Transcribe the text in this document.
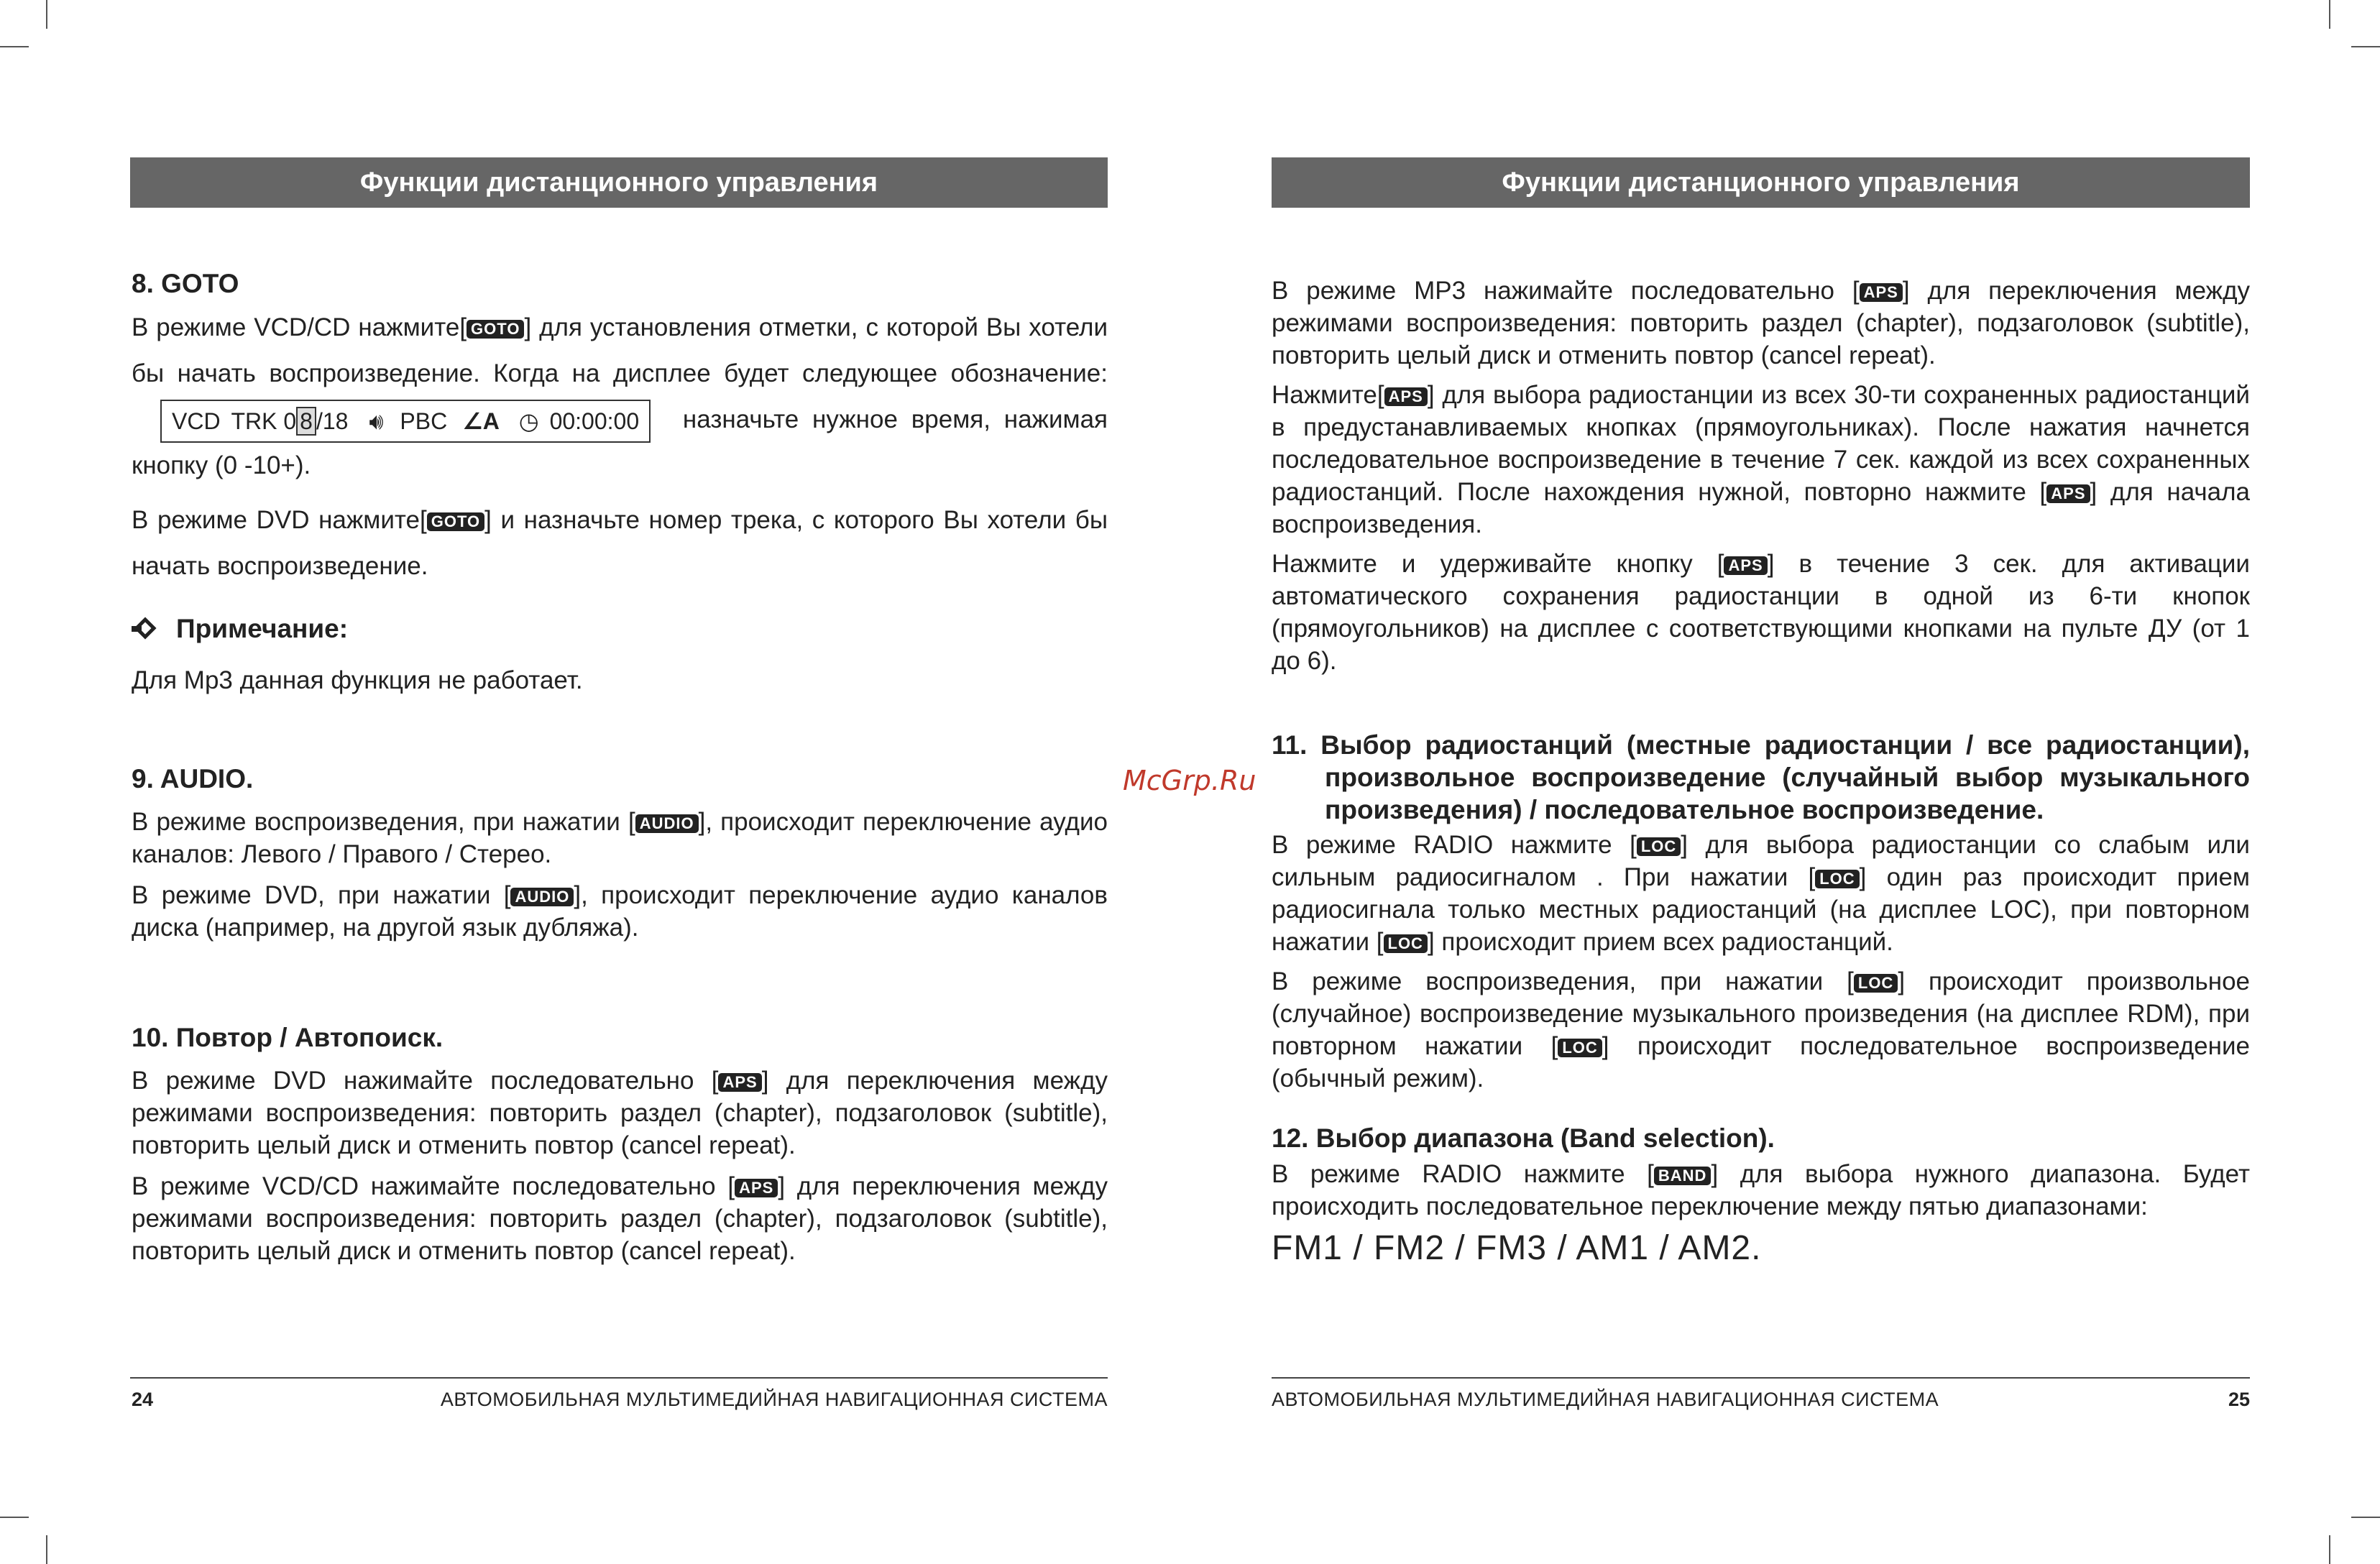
Функции дистанционного управления
8. GOTO

В режиме VCD/CD нажмите[ GOTO ] для установления отметки, с которой Вы хотели бы начать воспроизведение. Когда на дисплее будет следующее обозначение: VCD TRK 0 8 /18 🔊︎ PBC ∠A ◷ 00:00:00 назначьте нужное время, нажимая кнопку (0 -10+).

В режиме DVD нажмите[ GOTO ] и назначьте номер трека, с которого Вы хотели бы начать воспроизведение.

Примечание:

Для Mp3 данная функция не работает.

9. AUDIO.

В режиме воспроизведения, при нажатии [ AUDIO ], происходит переключение аудио каналов: Левого / Правого / Стерео.

В режиме DVD, при нажатии [ AUDIO ], происходит переключение аудио каналов диска (например, на другой язык дубляжа).

10. Повтор / Автопоиск.

В режиме DVD нажимайте последовательно [ APS ] для переключения между режимами воспроизведения: повторить раздел (chapter), подзаголовок (subtitle), повторить целый диск и отменить повтор (cancel repeat).

В режиме VCD/CD нажимайте последовательно [ APS ] для переключения между режимами воспроизведения: повторить раздел (chapter), подзаголовок (subtitle), повторить целый диск и отменить повтор (cancel repeat).

24	АВТОМОБИЛЬНАЯ МУЛЬТИМЕДИЙНАЯ НАВИГАЦИОННАЯ СИСТЕМА
Функции дистанционного управления

В режиме MP3 нажимайте последовательно [ APS ] для переключения между режимами воспроизведения: повторить раздел (chapter), подзаголовок (subtitle), повторить целый диск и отменить повтор (cancel repeat).

Нажмите[ APS ] для выбора радиостанции из всех 30-ти сохраненных радиостанций в предустанавливаемых кнопках (прямоугольниках). После нажатия начнется последовательное воспроизведение в течение 7 сек. каждой из всех сохраненных радиостанций. После нахождения нужной, повторно нажмите [ APS ] для начала воспроизведения.

Нажмите и удерживайте кнопку [ APS ] в течение 3 сек. для активации автоматического сохранения радиостанции в одной из 6-ти кнопок (прямоугольников) на дисплее с соответствующими кнопками на пульте ДУ (от 1 до 6).

11. Выбор радиостанций (местные радиостанции / все радиостанции), произвольное воспроизведение (случайный выбор музыкального произведения) / последовательное воспроизведение.

В режиме RADIO нажмите [ LOC ] для выбора радиостанции со слабым или сильным радиосигналом . При нажатии [ LOC ] один раз происходит прием радиосигнала только местных радиостанций (на дисплее LOC), при повторном нажатии [ LOC ] происходит прием всех радиостанций.

В режиме воспроизведения, при нажатии [ LOC ] происходит произвольное (случайное) воспроизведение музыкального произведения (на дисплее RDM), при повторном нажатии [ LOC ] происходит последовательное воспроизведение (обычный режим).

12. Выбор диапазона (Band selection).

В режиме RADIO нажмите [ BAND ] для выбора нужного диапазона. Будет происходить последовательное переключение между пятью диапазонами:

FM1 / FM2 / FM3 / AM1 / AM2.
АВТОМОБИЛЬНАЯ МУЛЬТИМЕДИЙНАЯ НАВИГАЦИОННАЯ СИСТЕМА	25
McGrp.Ru
